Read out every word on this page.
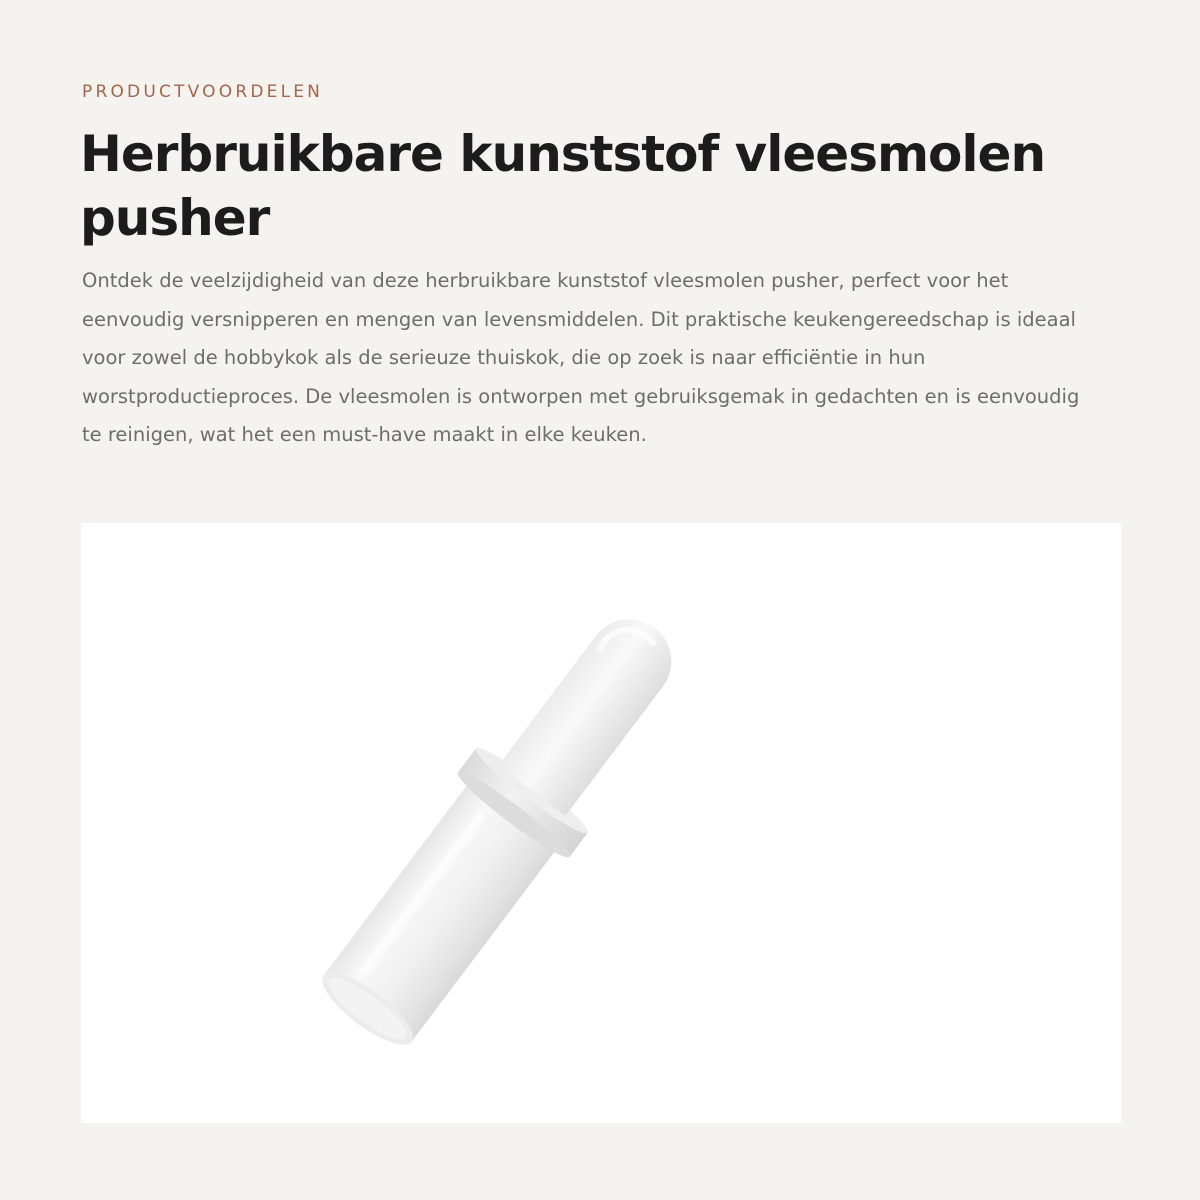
PRODUCTVOORDELEN
Herbruikbare kunststof vleesmolen pusher

Ontdek de veelzijdigheid van deze herbruikbare kunststof vleesmolen pusher, perfect voor het eenvoudig versnipperen en mengen van levensmiddelen. Dit praktische keukengereedschap is ideaal voor zowel de hobbykok als de serieuze thuiskok, die op zoek is naar efficiëntie in hun worstproductieproces. De vleesmolen is ontworpen met gebruiksgemak in gedachten en is eenvoudig te reinigen, wat het een must-have maakt in elke keuken.
